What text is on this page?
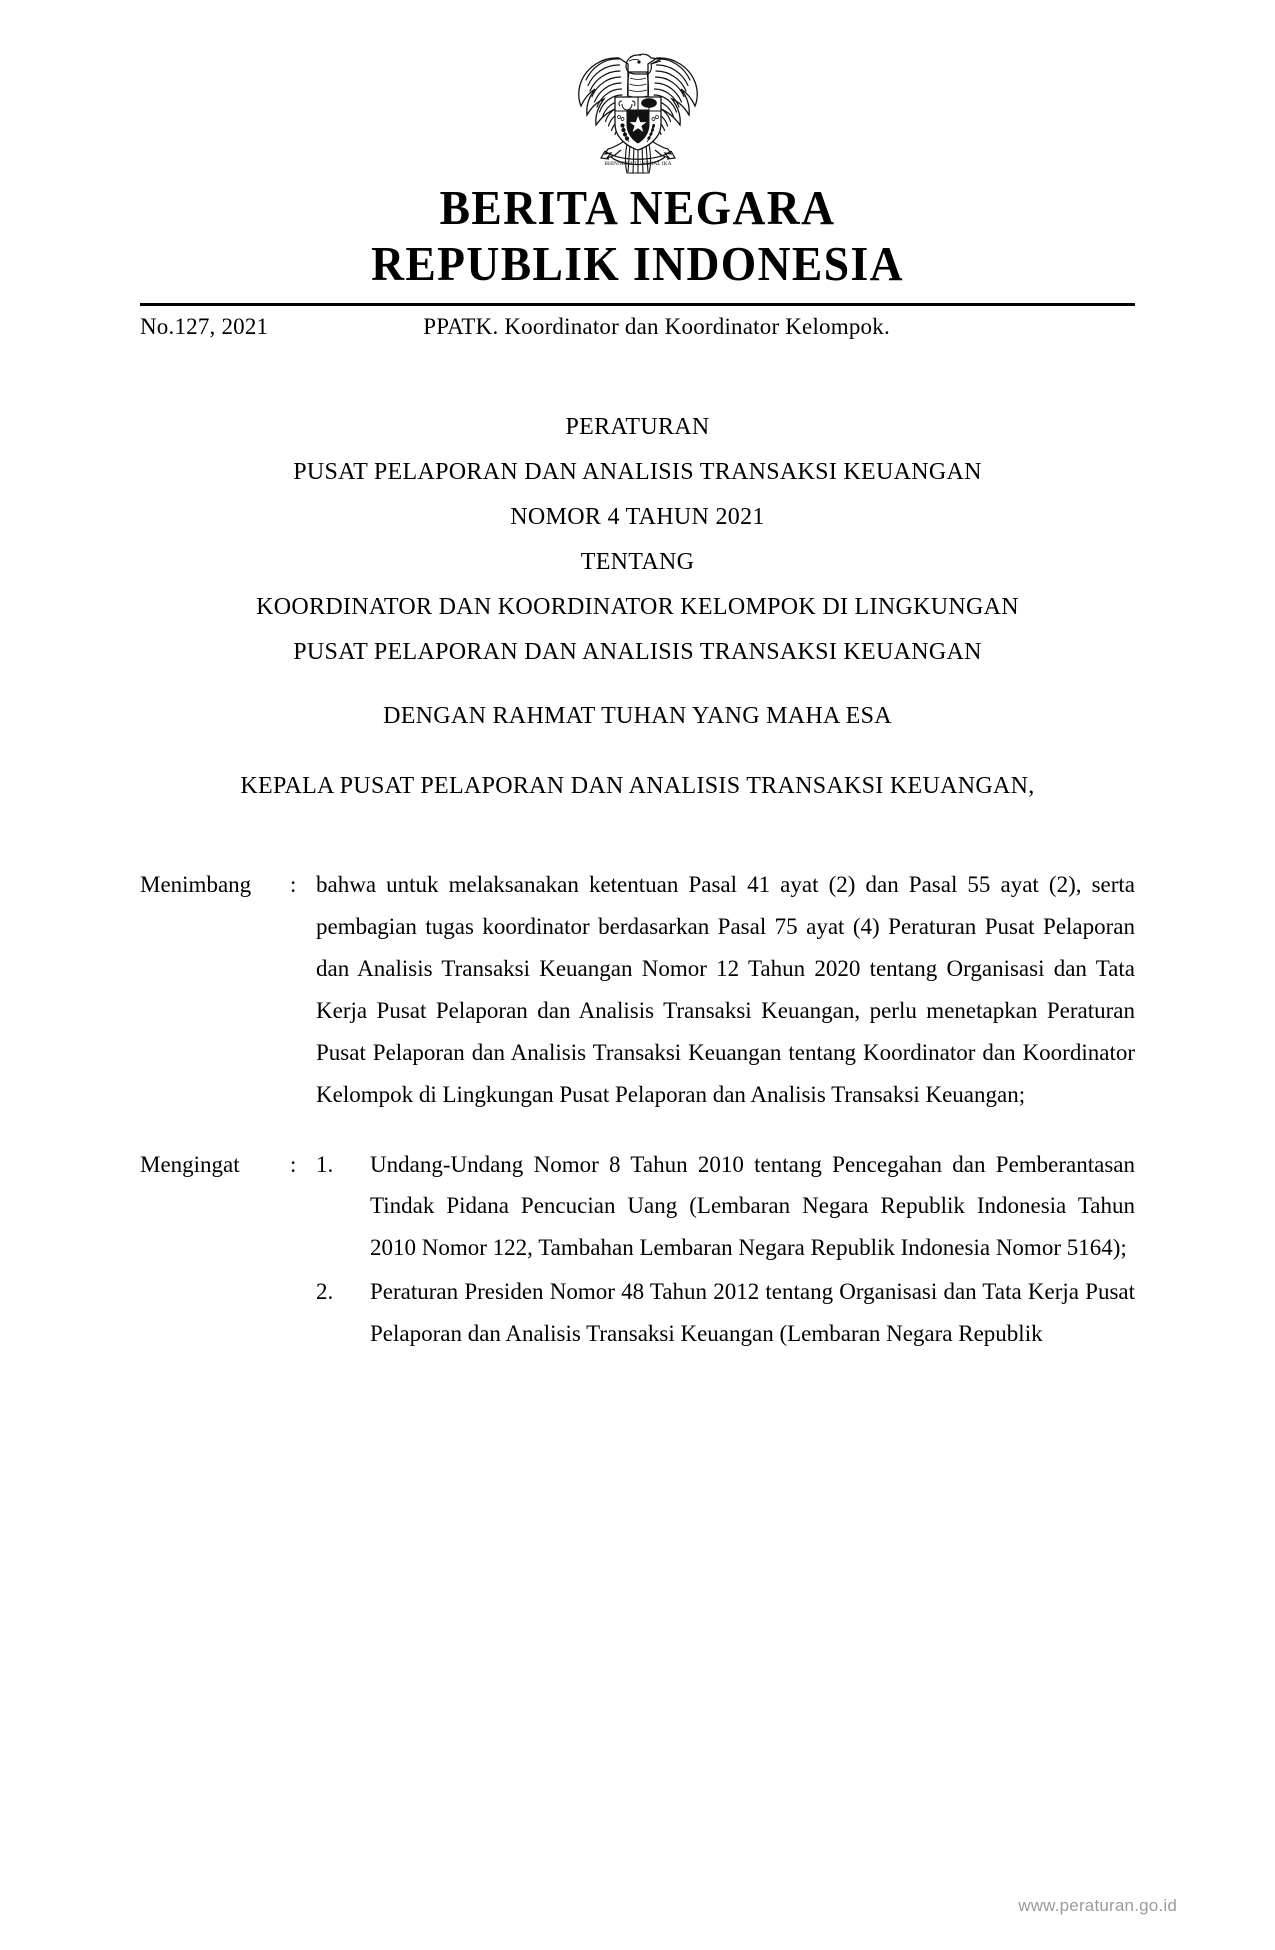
BHINNEKA TUNGGAL IKA
BERITA NEGARA
REPUBLIK INDONESIA
No.127, 2021	PPATK. Koordinator dan Koordinator Kelompok.
PERATURAN
PUSAT PELAPORAN DAN ANALISIS TRANSAKSI KEUANGAN
NOMOR 4 TAHUN 2021
TENTANG
KOORDINATOR DAN KOORDINATOR KELOMPOK DI LINGKUNGAN
PUSAT PELAPORAN DAN ANALISIS TRANSAKSI KEUANGAN
DENGAN RAHMAT TUHAN YANG MAHA ESA
KEPALA PUSAT PELAPORAN DAN ANALISIS TRANSAKSI KEUANGAN,
Menimbang	: bahwa untuk melaksanakan ketentuan Pasal 41 ayat (2) dan Pasal 55 ayat (2), serta pembagian tugas koordinator berdasarkan Pasal 75 ayat (4) Peraturan Pusat Pelaporan dan Analisis Transaksi Keuangan Nomor 12 Tahun 2020 tentang Organisasi dan Tata Kerja Pusat Pelaporan dan Analisis Transaksi Keuangan, perlu menetapkan Peraturan Pusat Pelaporan dan Analisis Transaksi Keuangan tentang Koordinator dan Koordinator Kelompok di Lingkungan Pusat Pelaporan dan Analisis Transaksi Keuangan;

Mengingat	: 1.	Undang-Undang Nomor 8 Tahun 2010 tentang Pencegahan dan Pemberantasan Tindak Pidana Pencucian Uang (Lembaran Negara Republik Indonesia Tahun 2010 Nomor 122, Tambahan Lembaran Negara Republik Indonesia Nomor 5164);
2.	Peraturan Presiden Nomor 48 Tahun 2012 tentang Organisasi dan Tata Kerja Pusat Pelaporan dan Analisis Transaksi Keuangan (Lembaran Negara Republik
www.peraturan.go.id
